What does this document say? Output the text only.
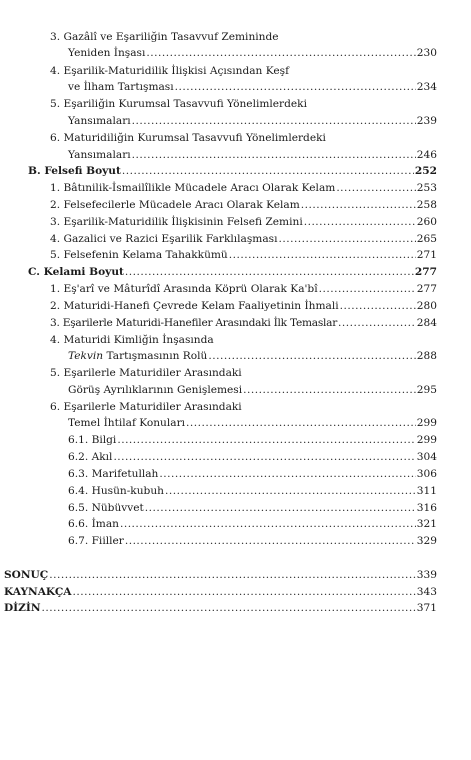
3. Gazâlî ve Eşariliğin Tasavvuf Zemininde
Yeniden İnşası .....	230
4. Eşarilik-Maturidilik İlişkisi Açısından Keşf
ve İlham Tartışması .....	234
5. Eşariliğin Kurumsal Tasavvufi Yönelimlerdeki
Yansımaları .....	239
6. Maturidiliğin Kurumsal Tasavvufi Yönelimlerdeki
Yansımaları .....	246
B. Felsefi Boyut .....	252
1. Bâtınilik-İsmailîlikle Mücadele Aracı Olarak Kelam .....	253
2. Felsefecilerle Mücadele Aracı Olarak Kelam .....	258
3. Eşarilik-Maturidilik İlişkisinin Felsefi Zemini .....	260
4. Gazalici ve Razici Eşarilik Farklılaşması .....	265
5. Felsefenin Kelama Tahakkümü .....	271
C. Kelami Boyut .....	277
1. Eş'arî ve Mâturîdî Arasında Köprü Olarak Ka'bî .....	277
2. Maturidi-Hanefi Çevrede Kelam Faaliyetinin İhmali .....	280
3. Eşarilerle Maturidi-Hanefiler Arasındaki İlk Temaslar .....	284
4. Maturidi Kimliğin İnşasında
Tekvin Tartışmasının Rolü .....	288
5. Eşarilerle Maturidiler Arasındaki
Görüş Ayrılıklarının Genişlemesi .....	295
6. Eşarilerle Maturidiler Arasındaki
Temel İhtilaf Konuları .....	299
6.1. Bilgi .....	299
6.2. Akıl .....	304
6.3. Marifetullah .....	306
6.4. Husün-kubuh .....	311
6.5. Nübüvvet .....	316
6.6. İman .....	321
6.7. Fiiller .....	329
SONUÇ .....	339
KAYNAKÇA .....	343
DİZİN .....	371
